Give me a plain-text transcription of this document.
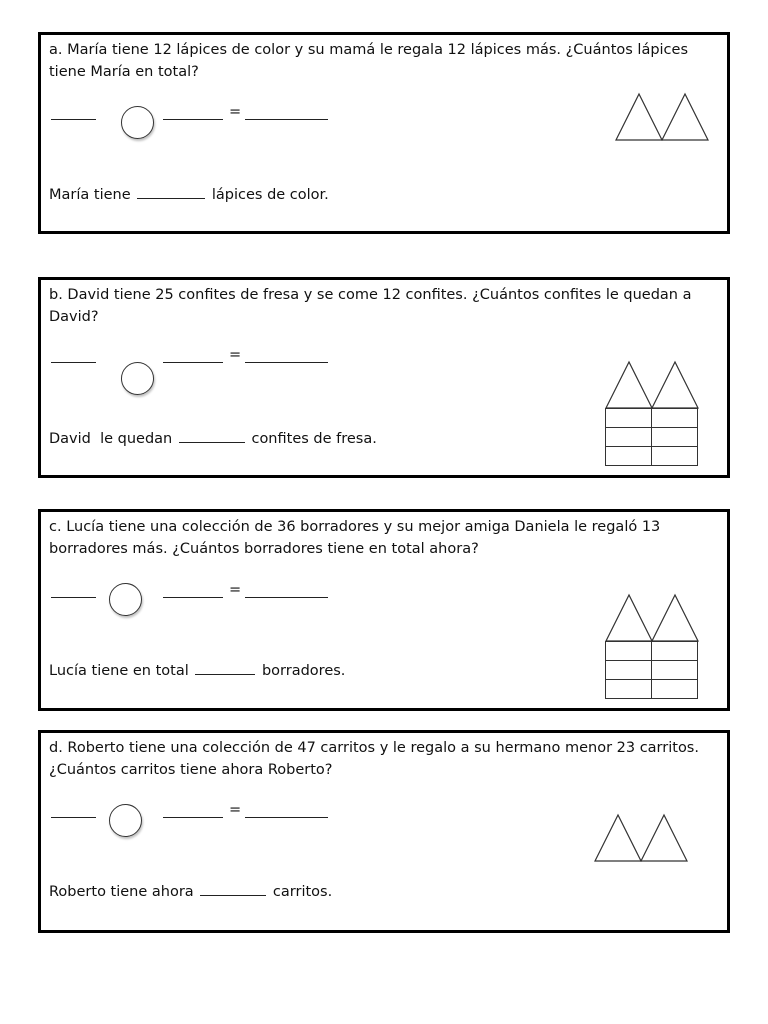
a. María tiene 12 lápices de color y su mamá le regala 12 lápices más. ¿Cuántos lápices tiene María en total?

=
María tiene	lápices de color.

b. David tiene 25 confites de fresa y se come 12 confites. ¿Cuántos confites le quedan a David?

=

David  le quedan	confites de fresa.

c. Lucía tiene una colección de 36 borradores y su mejor amiga Daniela le regaló 13 borradores más. ¿Cuántos borradores tiene en total ahora?

=

Lucía tiene en total	borradores.

d. Roberto tiene una colección de 47 carritos y le regalo a su hermano menor 23 carritos. ¿Cuántos carritos tiene ahora Roberto?

=
Roberto tiene ahora	carritos.
